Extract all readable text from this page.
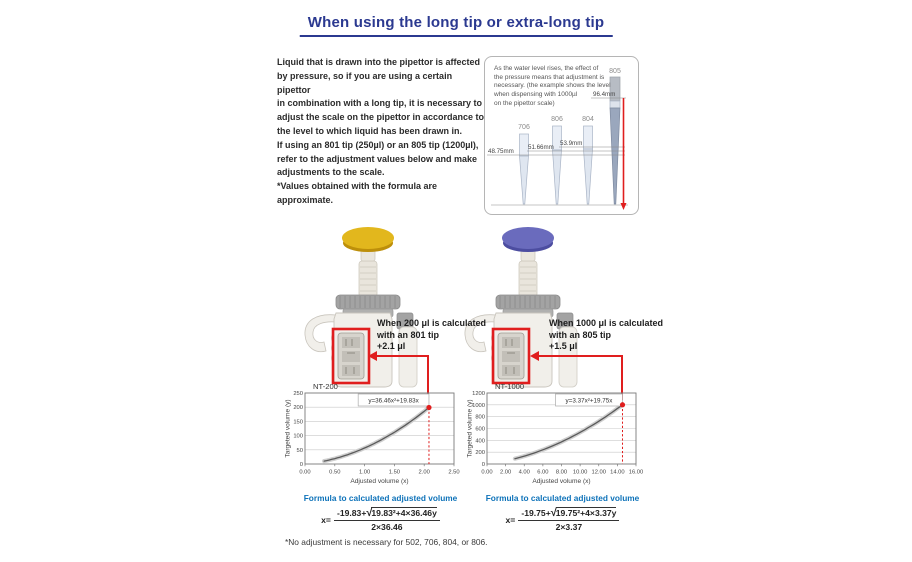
When using the long tip or extra-long tip
Liquid that is drawn into the pipettor is affected
by pressure, so if you are using a certain pipettor
in combination with a long tip, it is necessary to
adjust the scale on the pipettor in accordance to
the level to which liquid has been drawn in.
If using an 801 tip (250µl) or an 805 tip (1200µl),
refer to the adjustment values below and make
adjustments to the scale.
*Values obtained with the formula are approximate.
706
806	804
805
96.4mm
53.9mm
51.66mm
48.75mm
As the water level rises, the effect of
the pressure means that adjustment is
necessary. (the example shows the level
when dispensing with 1000µl
on the pipettor scale)
When 200 μl is calculated
with an 801 tip
+2.1 μl
When 1000 μl is calculated
with an 805 tip
+1.5 μl
0
50
100
150
200
250
0.00	0.50	1.00	1.50	2.00	2.50
NT-200
Adjusted volume (x)
Targeted volume (y)	y=36.46x²+19.83x
0
200
400
600
800
1000
1200
0.00 2.00 4.00 6.00 8.00 10.00 12.00 14.00 16.00
NT-1000
Adjusted volume (x)
Targeted volume (y)	y=3.37x²+19.75x
Formula to calculated adjusted volume
$x= \frac{\text{-19.83+√19.83²+4×36.46y}}{2\times 36.46}$
Formula to calculated adjusted volume
$x= \frac{\text{-19.75+√19.75²+4×3.37y}}{2\times 3.37}$
*No adjustment is necessary for 502, 706, 804, or 806.
